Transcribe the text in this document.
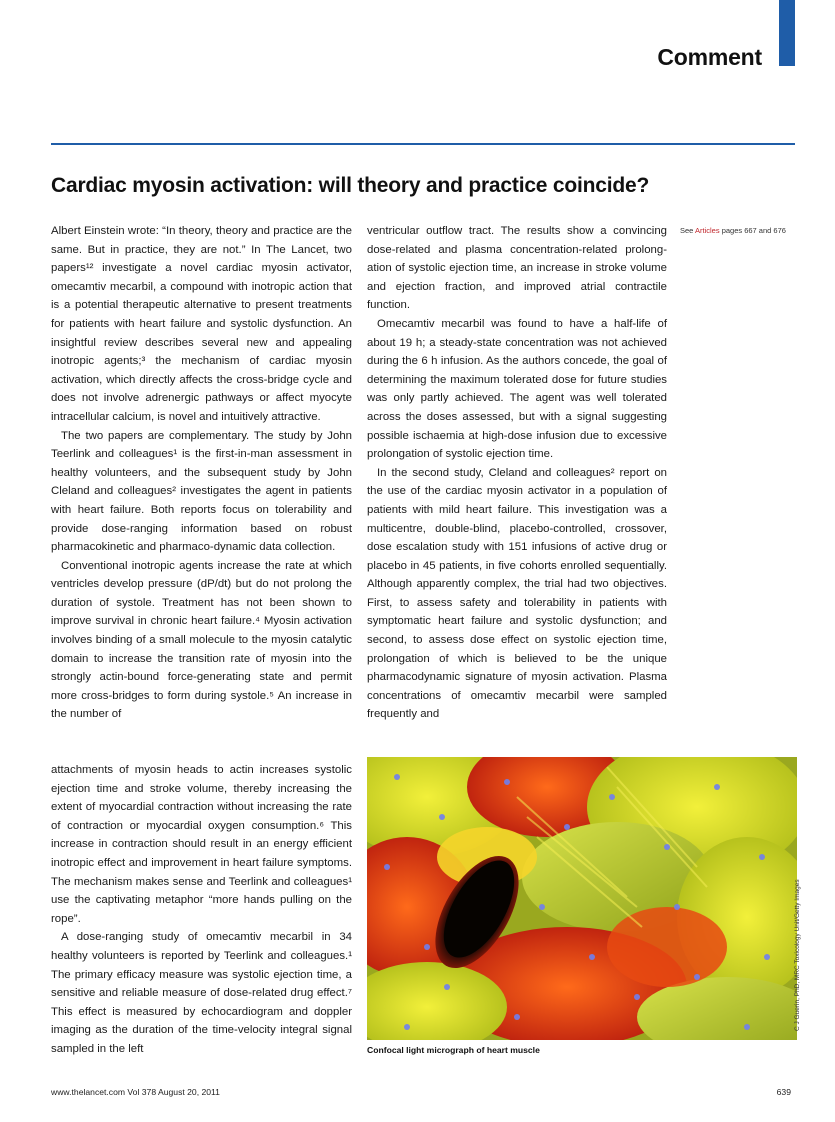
Comment
Cardiac myosin activation: will theory and practice coincide?

Albert Einstein wrote: “In theory, theory and practice are the same. But in practice, they are not.” In The Lancet, two papers¹² investigate a novel cardiac myosin activator, omecamtiv mecarbil, a compound with inotropic action that is a potential therapeutic alternative to present treatments for patients with heart failure and systolic dysfunction. An insightful review describes several new and appealing inotropic agents;³ the mechanism of cardiac myosin activation, which directly affects the cross-bridge cycle and does not involve adrenergic pathways or affect myocyte intracellular calcium, is novel and intuitively attractive.

The two papers are complementary. The study by John Teerlink and colleagues¹ is the first-in-man assessment in healthy volunteers, and the subsequent study by John Cleland and colleagues² investigates the agent in patients with heart failure. Both reports focus on tolerability and provide dose-ranging information based on robust pharmacokinetic and pharmaco-dynamic data collection.

Conventional inotropic agents increase the rate at which ventricles develop pressure (dP/dt) but do not prolong the duration of systole. Treatment has not been shown to improve survival in chronic heart failure.⁴ Myosin activation involves binding of a small molecule to the myosin catalytic domain to increase the transition rate of myosin into the strongly actin-bound force-generating state and permit more cross-bridges to form during systole.⁵ An increase in the number of

attachments of myosin heads to actin increases systolic ejection time and stroke volume, thereby increasing the extent of myocardial contraction without increasing the rate of contraction or myocardial oxygen consumption.⁶ This increase in contraction should result in an energy efficient inotropic effect and improvement in heart failure symptoms. The mechanism makes sense and Teerlink and colleagues¹ use the captivating metaphor “more hands pulling on the rope”.

A dose-ranging study of omecamtiv mecarbil in 34 healthy volunteers is reported by Teerlink and colleagues.¹ The primary efficacy measure was systolic ejection time, a sensitive and reliable measure of dose-related drug effect.⁷ This effect is measured by echocardiogram and doppler imaging as the duration of the time-velocity integral signal sampled in the left

ventricular outflow tract. The results show a convincing dose-related and plasma concentration-related prolong-ation of systolic ejection time, an increase in stroke volume and ejection fraction, and improved atrial contractile function.

Omecamtiv mecarbil was found to have a half-life of about 19 h; a steady-state concentration was not achieved during the 6 h infusion. As the authors concede, the goal of determining the maximum tolerated dose for future studies was only partly achieved. The agent was well tolerated across the doses assessed, but with a signal suggesting possible ischaemia at high-dose infusion due to excessive prolongation of systolic ejection time.

In the second study, Cleland and colleagues² report on the use of the cardiac myosin activator in a population of patients with mild heart failure. This investigation was a multicentre, double-blind, placebo-controlled, crossover, dose escalation study with 151 infusions of active drug or placebo in 45 patients, in five cohorts enrolled sequentially. Although apparently complex, the trial had two objectives. First, to assess safety and tolerability in patients with symptomatic heart failure and systolic dysfunction; and second, to assess dose effect on systolic ejection time, prolongation of which is believed to be the unique pharmacodynamic signature of myosin activation. Plasma concentrations of omecamtiv mecarbil were sampled frequently and

See Articles pages 667 and 676
C J Guerin, PhD, MRC Toxicology Unit/Getty Images
Confocal light micrograph of heart muscle
www.thelancet.com Vol 378 August 20, 2011	639
